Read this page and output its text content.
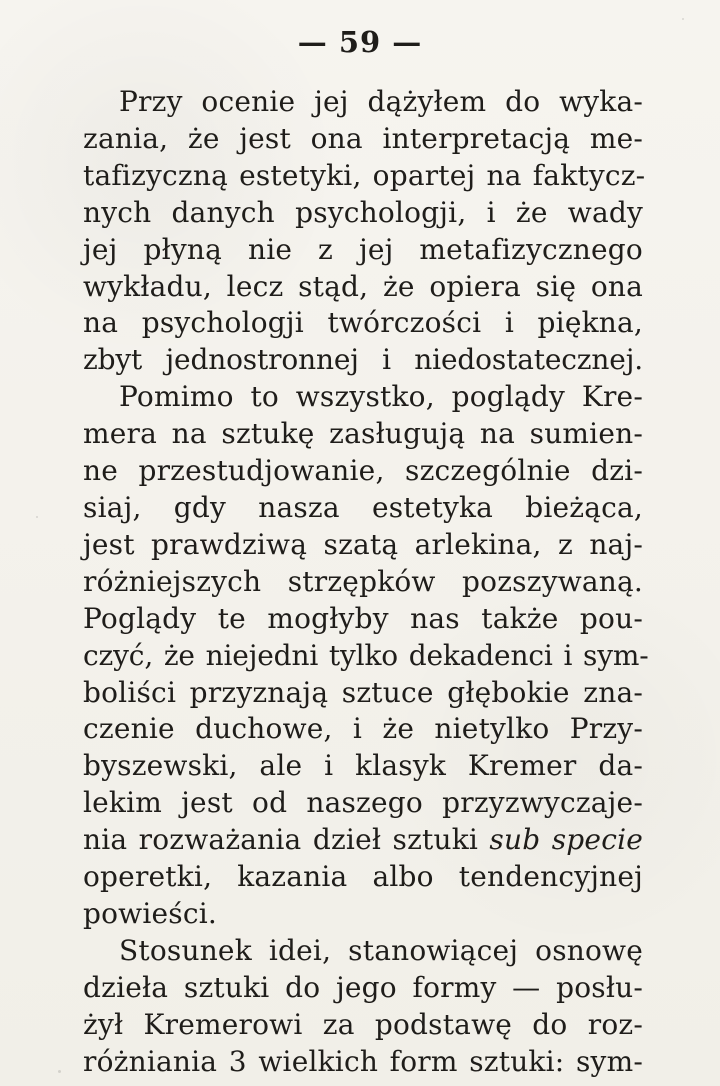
— 59 —
Przy ocenie jej dążyłem do wyka-
zania, że jest ona interpretacją me-
tafizyczną estetyki, opartej na faktycz-
nych danych psychologji, i że wady
jej płyną nie z jej metafizycznego
wykładu, lecz stąd, że opiera się ona
na psychologji twórczości i piękna,
zbyt jednostronnej i niedostatecznej.
Pomimo to wszystko, poglądy Kre-
mera na sztukę zasługują na sumien-
ne przestudjowanie, szczególnie dzi-
siaj, gdy nasza estetyka bieżąca,
jest prawdziwą szatą arlekina, z naj-
różniejszych strzępków pozszywaną.
Poglądy te mogłyby nas także pou-
czyć, że niejedni tylko dekadenci i sym-
boliści przyznają sztuce głębokie zna-
czenie duchowe, i że nietylko Przy-
byszewski, ale i klasyk Kremer da-
lekim jest od naszego przyzwyczaje-
nia rozważania dzieł sztuki sub specie
operetki, kazania albo tendencyjnej
powieści.
Stosunek idei, stanowiącej osnowę
dzieła sztuki do jego formy — posłu-
żył Kremerowi za podstawę do roz-
różniania 3 wielkich form sztuki: sym-
